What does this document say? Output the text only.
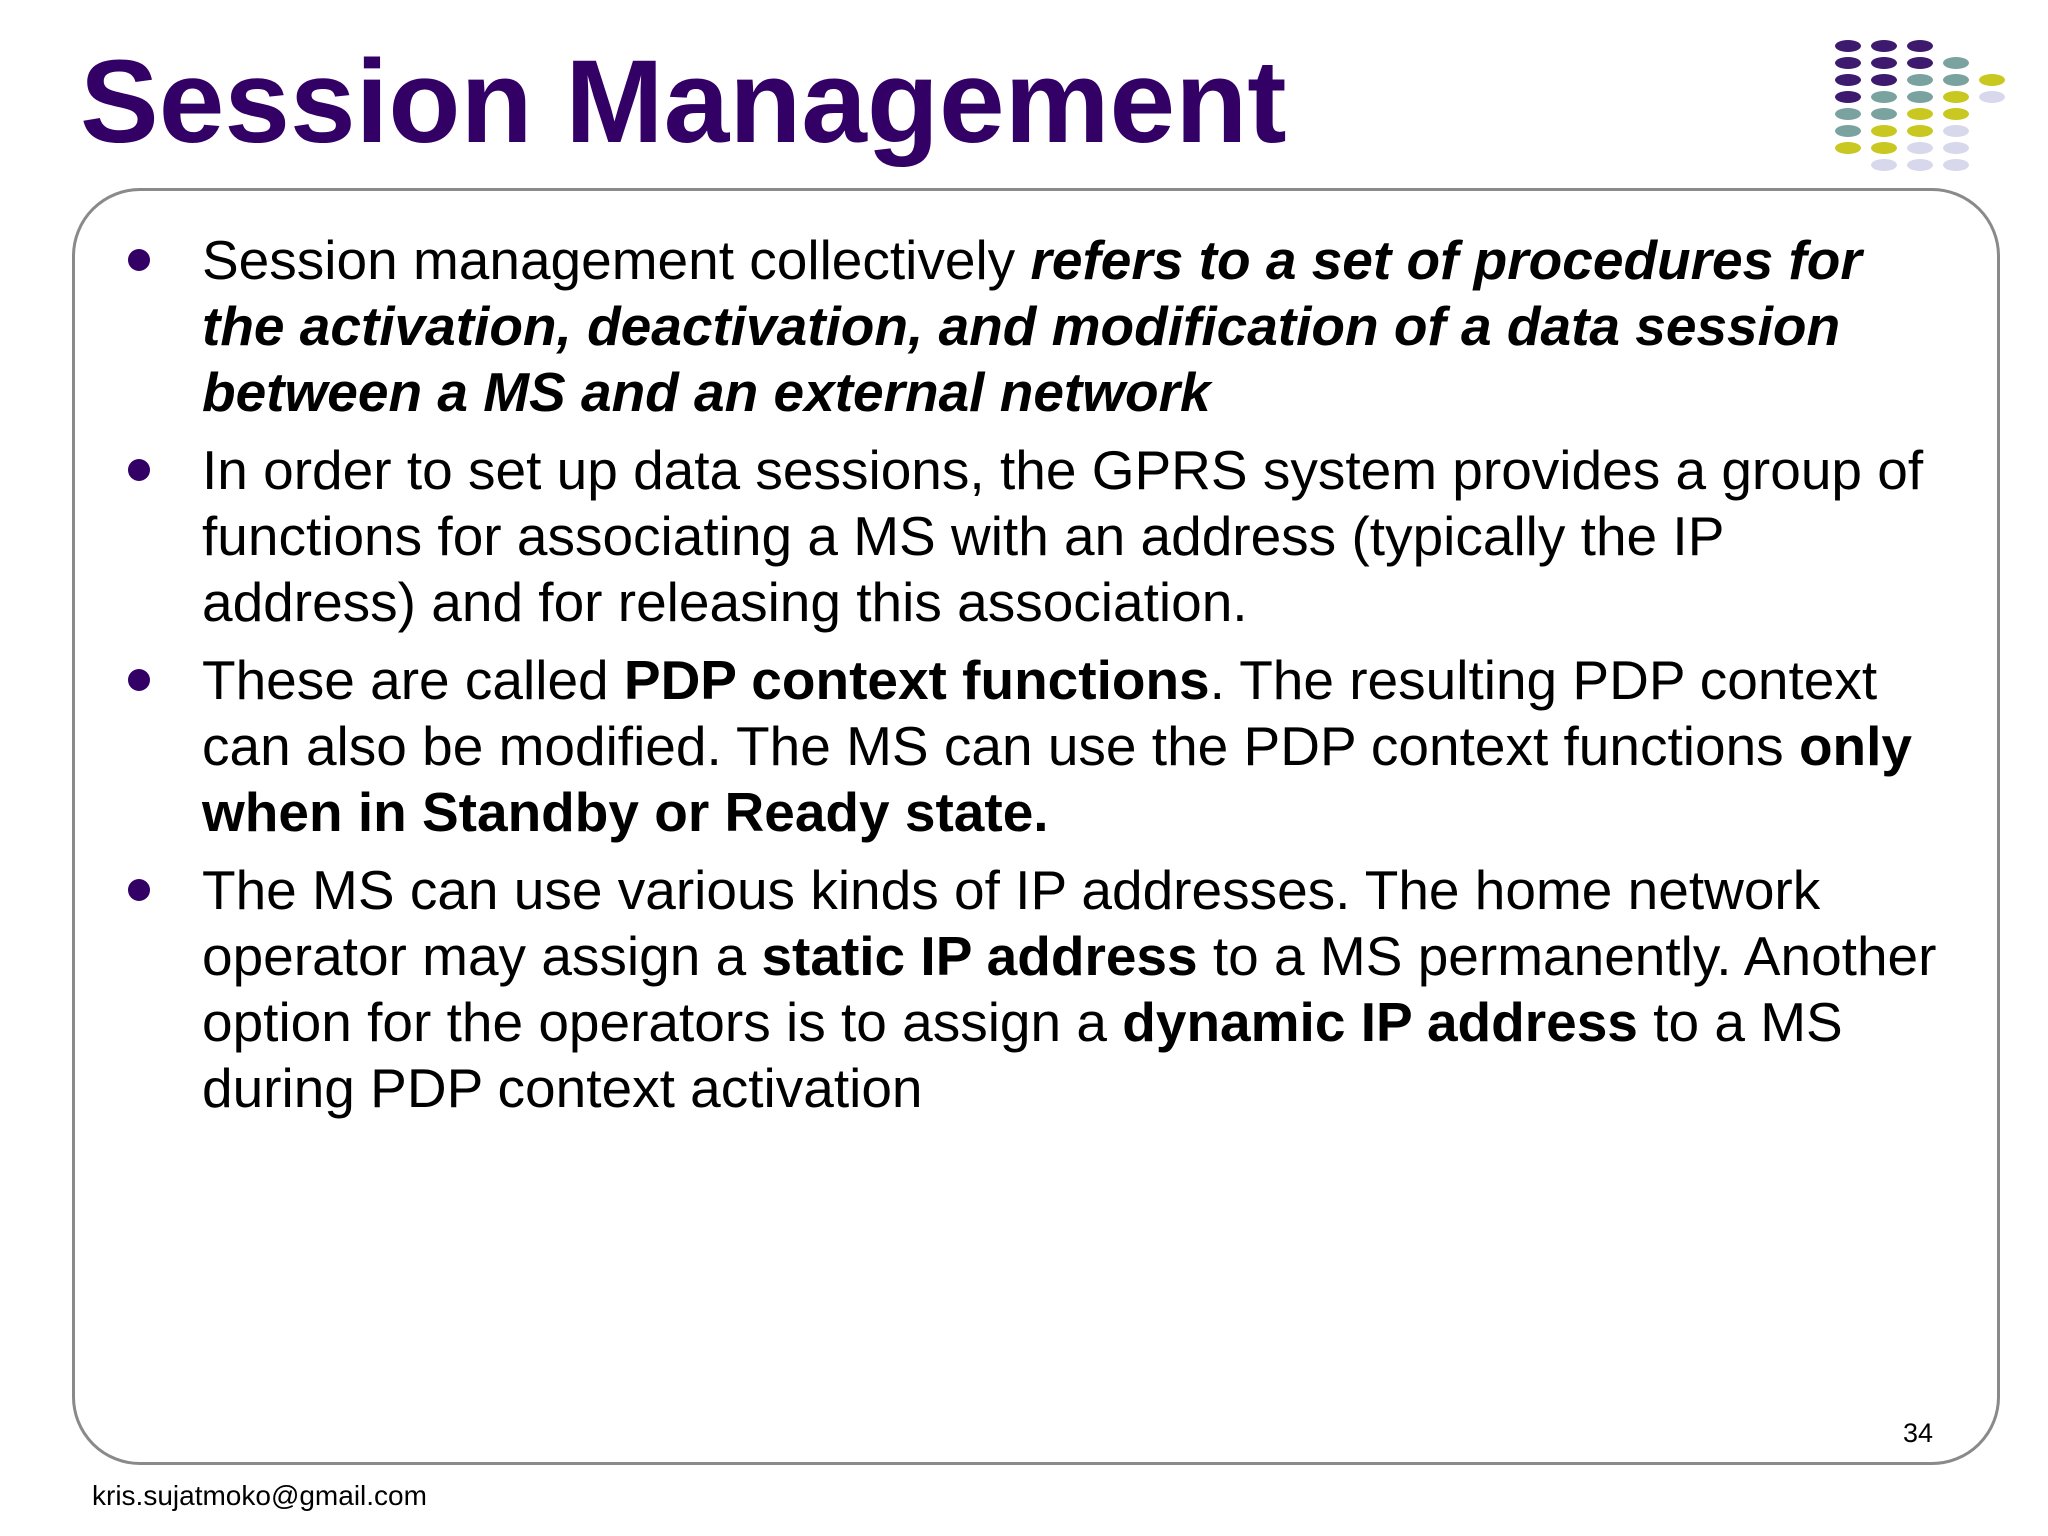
Session Management
Session management collectively refers to a set of procedures for the activation, deactivation, and modification of a data session between a MS and an external network
In order to set up data sessions, the GPRS system provides a group of functions for associating a MS with an address (typically the IP address) and for releasing this association.
These are called PDP context functions. The resulting PDP context can also be modified. The MS can use the PDP context functions only when in Standby or Ready state.
The MS can use various kinds of IP addresses. The home network operator may assign a static IP address to a MS permanently. Another option for the operators is to assign a dynamic IP address to a MS during PDP context activation
34
kris.sujatmoko@gmail.com
